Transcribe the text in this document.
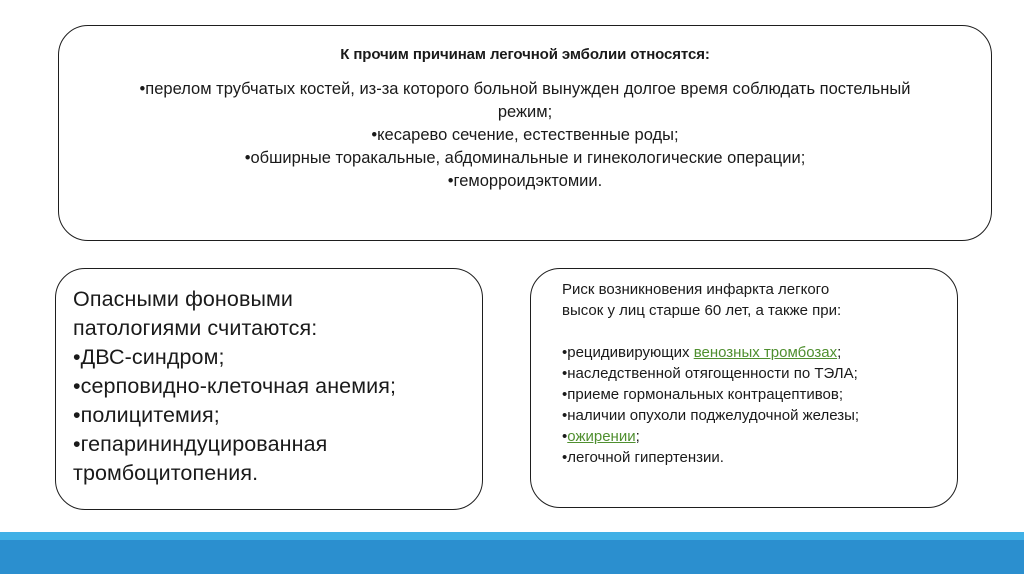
К прочим причинам легочной эмболии относятся:
•перелом трубчатых костей, из-за которого больной вынужден долгое время соблюдать постельный режим;
•кесарево сечение, естественные роды;
•обширные торакальные, абдоминальные и гинекологические операции;
•геморроидэктомии.

Опасными фоновыми

патологиями считаются:

•ДВС-синдром;

•серповидно-клеточная анемия;

•полицитемия;

•гепарининдуцированная

тромбоцитопения.

Риск возникновения инфаркта легкого

высок у лиц старше 60 лет, а также при:

•рецидивирующих венозных тромбозах;

•наследственной отягощенности по ТЭЛА;

•приеме гормональных контрацептивов;

•наличии опухоли поджелудочной железы;

•ожирении;

•легочной гипертензии.
